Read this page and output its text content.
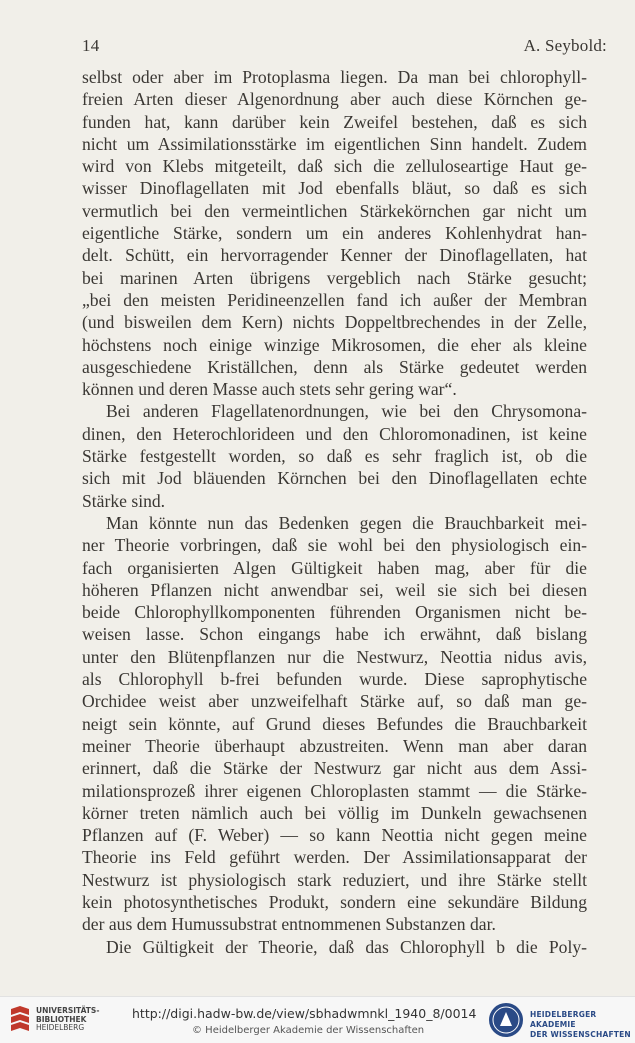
14	A. Seybold:
selbst oder aber im Protoplasma liegen. Da man bei chlorophyll-
freien Arten dieser Algenordnung aber auch diese Körnchen ge-
funden hat, kann darüber kein Zweifel bestehen, daß es sich
nicht um Assimilationsstärke im eigentlichen Sinn handelt. Zudem
wird von Klebs mitgeteilt, daß sich die zelluloseartige Haut ge-
wisser Dinoflagellaten mit Jod ebenfalls bläut, so daß es sich
vermutlich bei den vermeintlichen Stärkekörnchen gar nicht um
eigentliche Stärke, sondern um ein anderes Kohlenhydrat han-
delt. Schütt, ein hervorragender Kenner der Dinoflagellaten, hat
bei marinen Arten übrigens vergeblich nach Stärke gesucht;
„bei den meisten Peridineenzellen fand ich außer der Membran
(und bisweilen dem Kern) nichts Doppeltbrechendes in der Zelle,
höchstens noch einige winzige Mikrosomen, die eher als kleine
ausgeschiedene Kriställchen, denn als Stärke gedeutet werden
können und deren Masse auch stets sehr gering war“.
Bei anderen Flagellatenordnungen, wie bei den Chrysomona-
dinen, den Heterochlorideen und den Chloromonadinen, ist keine
Stärke festgestellt worden, so daß es sehr fraglich ist, ob die
sich mit Jod bläuenden Körnchen bei den Dinoflagellaten echte
Stärke sind.
Man könnte nun das Bedenken gegen die Brauchbarkeit mei-
ner Theorie vorbringen, daß sie wohl bei den physiologisch ein-
fach organisierten Algen Gültigkeit haben mag, aber für die
höheren Pflanzen nicht anwendbar sei, weil sie sich bei diesen
beide Chlorophyllkomponenten führenden Organismen nicht be-
weisen lasse. Schon eingangs habe ich erwähnt, daß bislang
unter den Blütenpflanzen nur die Nestwurz, Neottia nidus avis,
als Chlorophyll b-frei befunden wurde. Diese saprophytische
Orchidee weist aber unzweifelhaft Stärke auf, so daß man ge-
neigt sein könnte, auf Grund dieses Befundes die Brauchbarkeit
meiner Theorie überhaupt abzustreiten. Wenn man aber daran
erinnert, daß die Stärke der Nestwurz gar nicht aus dem Assi-
milationsprozeß ihrer eigenen Chloroplasten stammt — die Stärke-
körner treten nämlich auch bei völlig im Dunkeln gewachsenen
Pflanzen auf (F. Weber) — so kann Neottia nicht gegen meine
Theorie ins Feld geführt werden. Der Assimilationsapparat der
Nestwurz ist physiologisch stark reduziert, und ihre Stärke stellt
kein photosynthetisches Produkt, sondern eine sekundäre Bildung
der aus dem Humussubstrat entnommenen Substanzen dar.
Die Gültigkeit der Theorie, daß das Chlorophyll b die Poly-
UNIVERSITÄTS-
BIBLIOTHEK
HEIDELBERG
http://digi.hadw-bw.de/view/sbhadwmnkl_1940_8/0014
© Heidelberger Akademie der Wissenschaften
HEIDELBERGER AKADEMIE
DER WISSENSCHAFTEN
